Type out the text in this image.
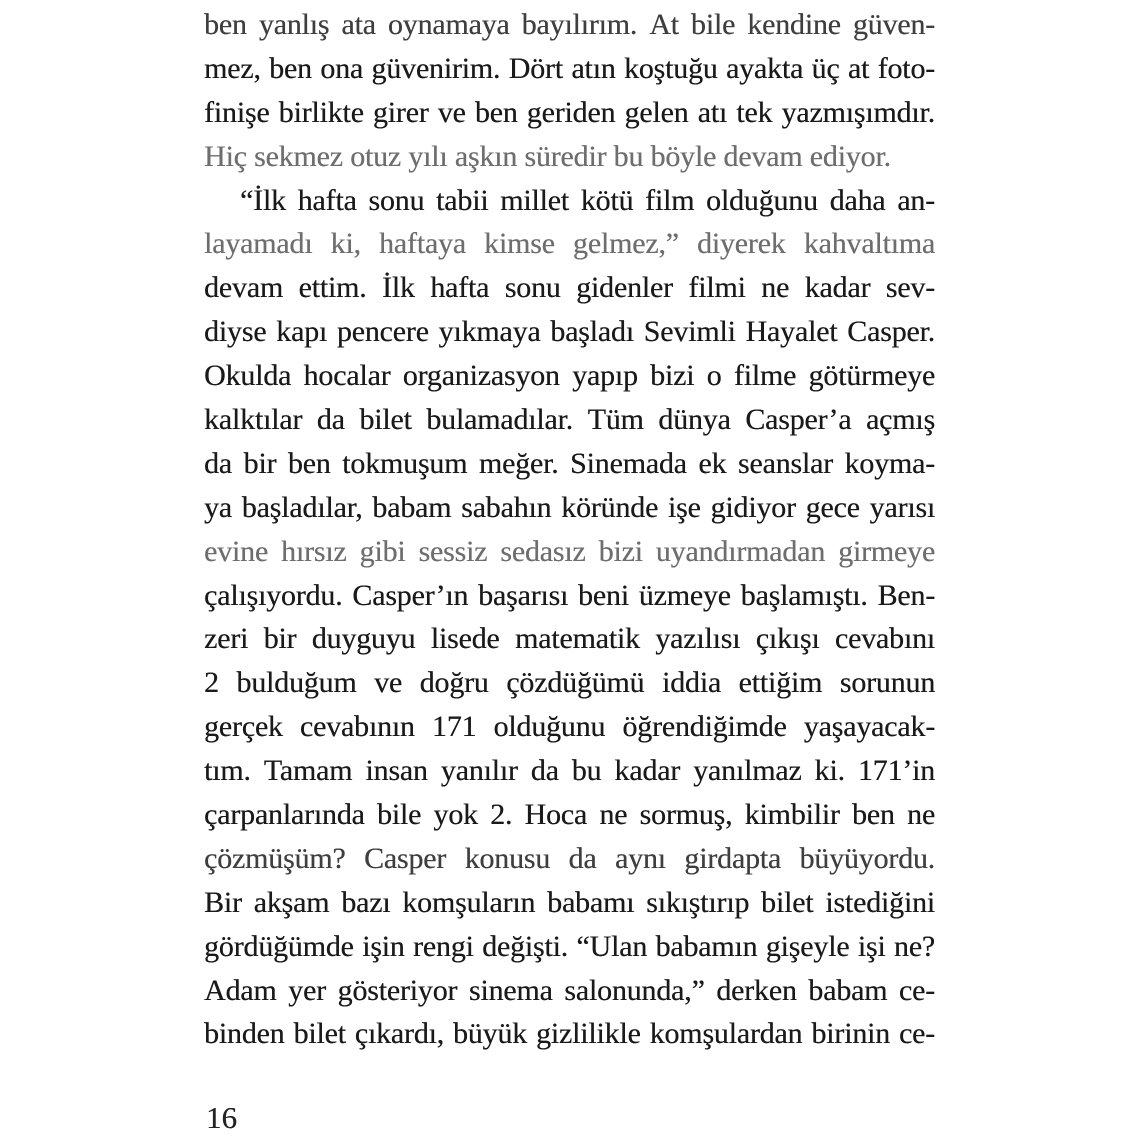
ben yanlış ata oynamaya bayılırım. At bile kendine güven-
mez, ben ona güvenirim. Dört atın koştuğu ayakta üç at foto-
finişe birlikte girer ve ben geriden gelen atı tek yazmışımdır.
Hiç sekmez otuz yılı aşkın süredir bu böyle devam ediyor.
“İlk hafta sonu tabii millet kötü film olduğunu daha an-
layamadı ki, haftaya kimse gelmez,” diyerek kahvaltıma
devam ettim. İlk hafta sonu gidenler filmi ne kadar sev-
diyse kapı pencere yıkmaya başladı Sevimli Hayalet Casper.
Okulda hocalar organizasyon yapıp bizi o filme götürmeye
kalktılar da bilet bulamadılar. Tüm dünya Casper’a açmış
da bir ben tokmuşum meğer. Sinemada ek seanslar koyma-
ya başladılar, babam sabahın köründe işe gidiyor gece yarısı
evine hırsız gibi sessiz sedasız bizi uyandırmadan girmeye
çalışıyordu. Casper’ın başarısı beni üzmeye başlamıştı. Ben-
zeri bir duyguyu lisede matematik yazılısı çıkışı cevabını
2 bulduğum ve doğru çözdüğümü iddia ettiğim sorunun
gerçek cevabının 171 olduğunu öğrendiğimde yaşayacak-
tım. Tamam insan yanılır da bu kadar yanılmaz ki. 171’in
çarpanlarında bile yok 2. Hoca ne sormuş, kimbilir ben ne
çözmüşüm? Casper konusu da aynı girdapta büyüyordu.
Bir akşam bazı komşuların babamı sıkıştırıp bilet istediğini
gördüğümde işin rengi değişti. “Ulan babamın gişeyle işi ne?
Adam yer gösteriyor sinema salonunda,” derken babam ce-
binden bilet çıkardı, büyük gizlilikle komşulardan birinin ce-
16
